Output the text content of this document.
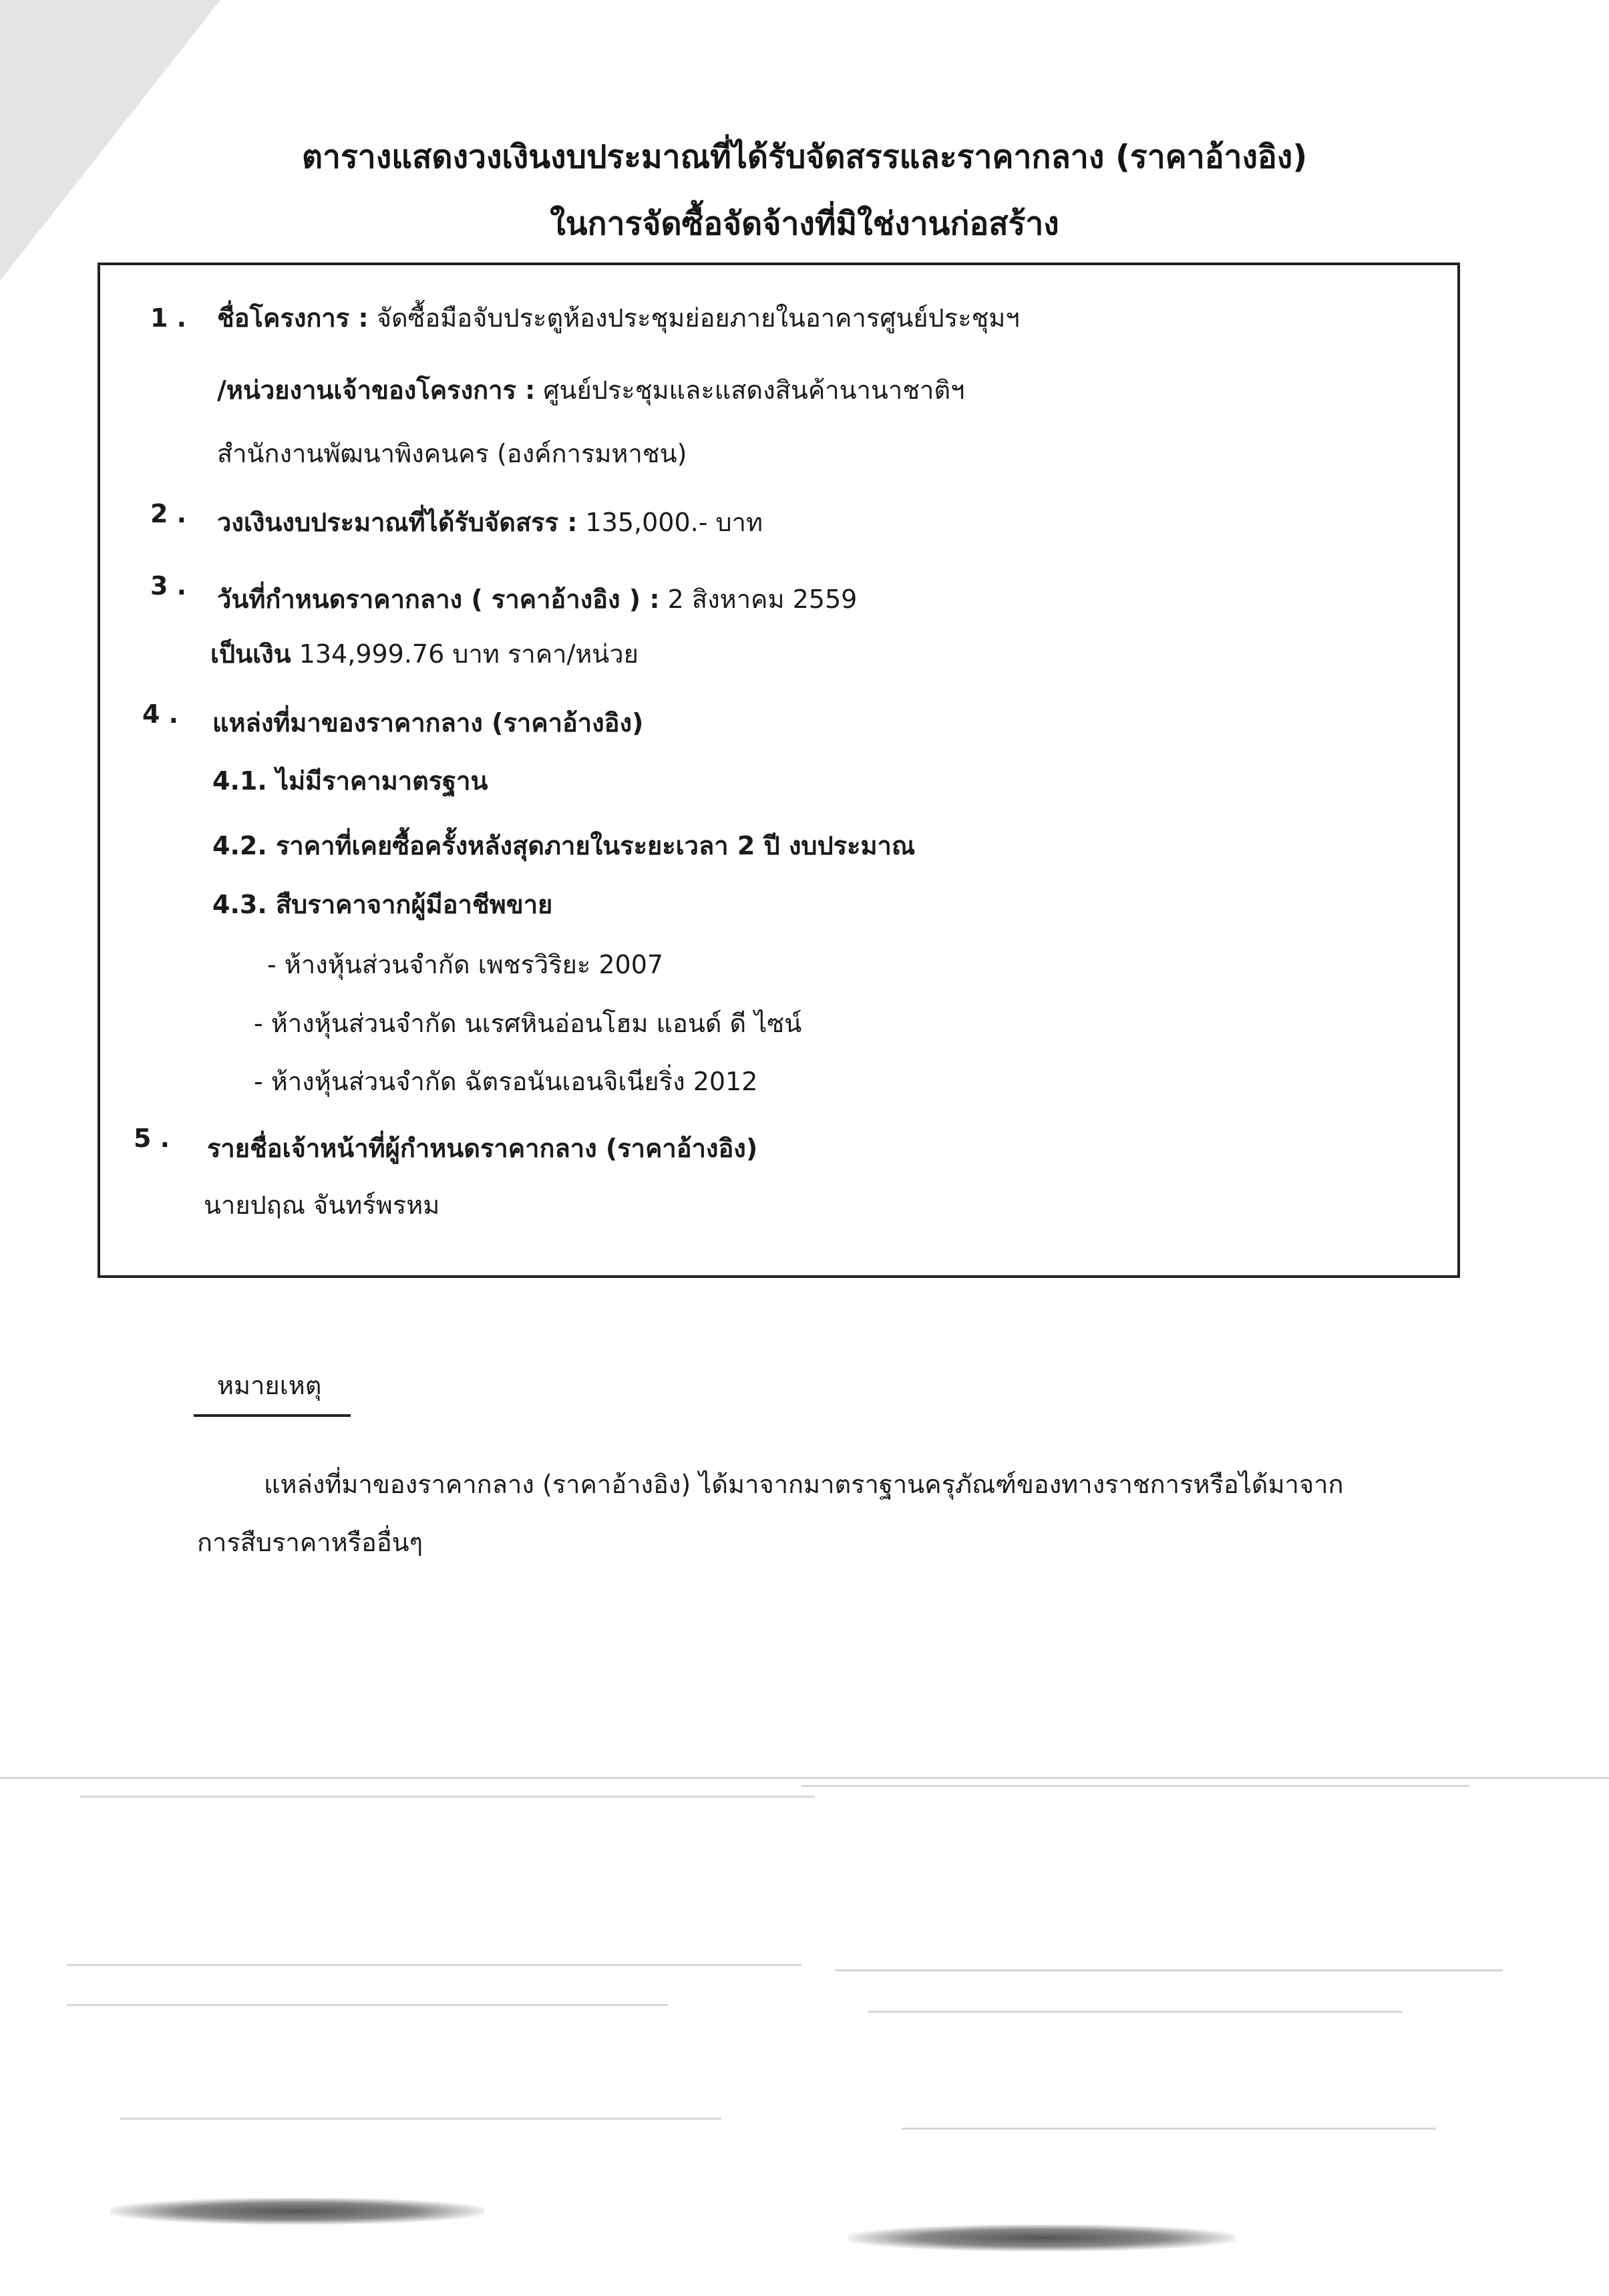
ตารางแสดงวงเงินงบประมาณที่ได้รับจัดสรรและราคากลาง (ราคาอ้างอิง)
ในการจัดซื้อจัดจ้างที่มิใช่งานก่อสร้าง
1 . ชื่อโครงการ : จัดซื้อมือจับประตูห้องประชุมย่อยภายในอาคารศูนย์ประชุมฯ
/หน่วยงานเจ้าของโครงการ : ศูนย์ประชุมและแสดงสินค้านานาชาติฯ
สำนักงานพัฒนาพิงคนคร (องค์การมหาชน)
2 . วงเงินงบประมาณที่ได้รับจัดสรร : 135,000.- บาท
3 . วันที่กำหนดราคากลาง ( ราคาอ้างอิง ) : 2 สิงหาคม 2559
เป็นเงิน 134,999.76 บาท ราคา/หน่วย
4 . แหล่งที่มาของราคากลาง (ราคาอ้างอิง)
4.1. ไม่มีราคามาตรฐาน
4.2. ราคาที่เคยซื้อครั้งหลังสุดภายในระยะเวลา 2 ปี งบประมาณ
4.3. สืบราคาจากผู้มีอาชีพขาย
- ห้างหุ้นส่วนจำกัด เพชรวิริยะ 2007
- ห้างหุ้นส่วนจำกัด นเรศหินอ่อนโฮม แอนด์ ดี ไซน์
- ห้างหุ้นส่วนจำกัด ฉัตรอนันเอนจิเนียริ่ง 2012
5 . รายชื่อเจ้าหน้าที่ผู้กำหนดราคากลาง (ราคาอ้างอิง)
นายปฤณ จันทร์พรหม
หมายเหตุ
แหล่งที่มาของราคากลาง (ราคาอ้างอิง) ได้มาจากมาตราฐานครุภัณฑ์ของทางราชการหรือได้มาจาก
การสืบราคาหรืออื่นๆ
